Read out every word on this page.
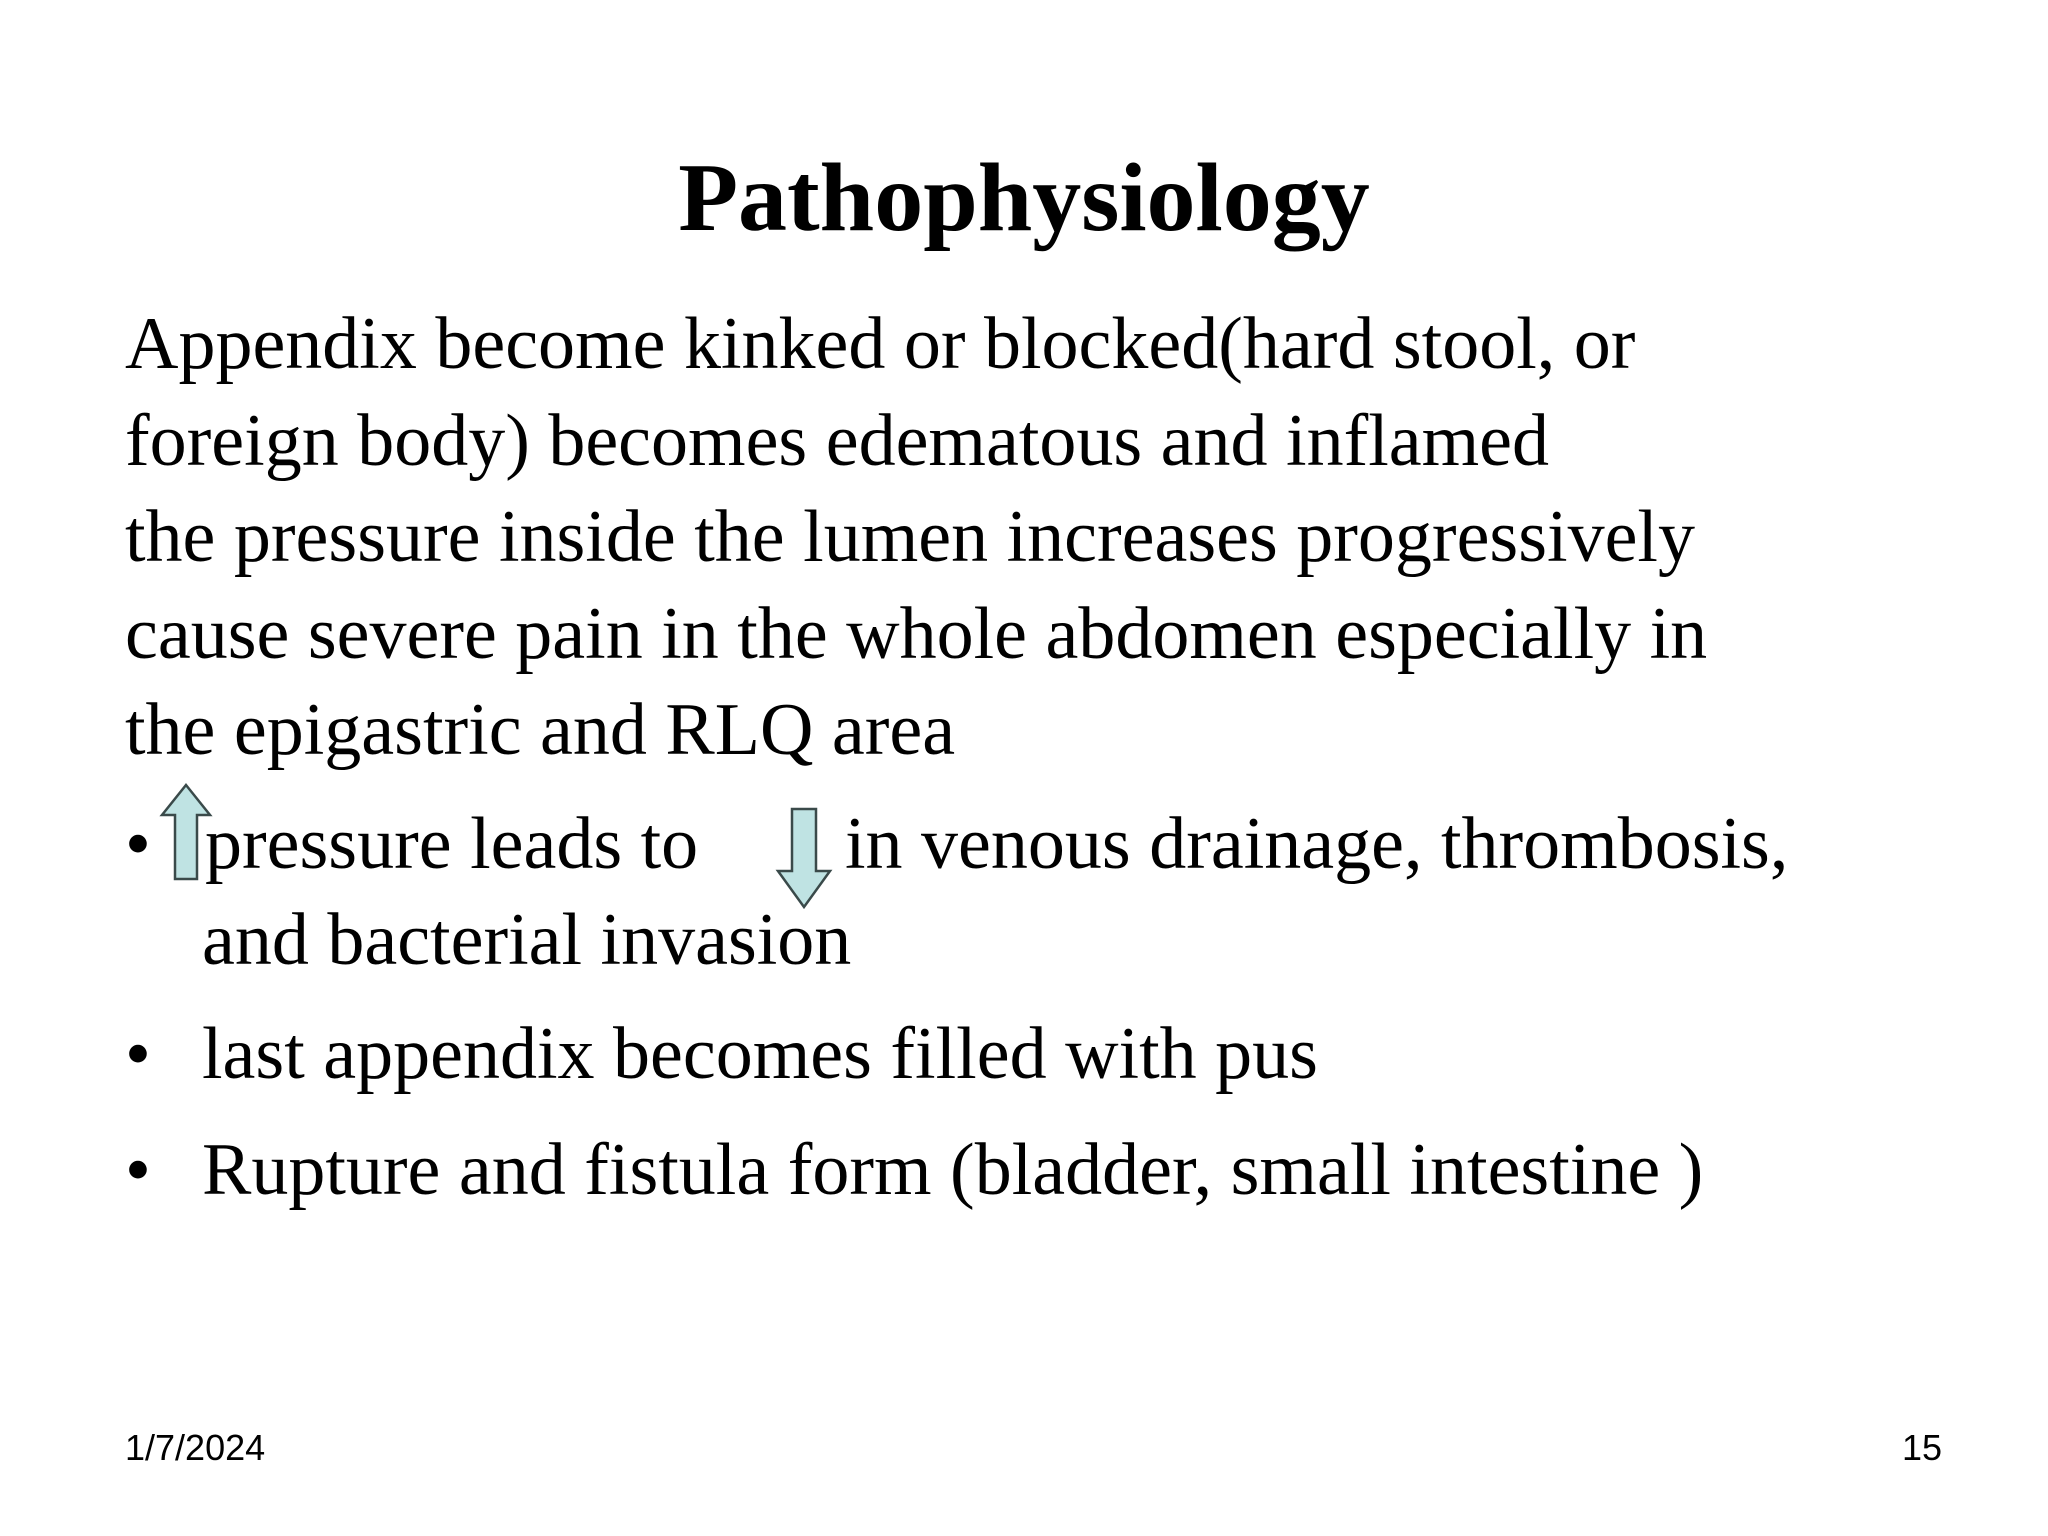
Pathophysiology
Appendix become kinked or blocked(hard stool, or
foreign body) becomes edematous and inflamed
the pressure inside the lumen increases progressively
cause severe pain in the whole abdomen especially in
the epigastric and RLQ area
• pressure leads to in venous drainage, thrombosis,
and bacterial invasion
• last appendix becomes filled with pus
• Rupture and fistula form (bladder, small intestine )
1/7/2024	15
